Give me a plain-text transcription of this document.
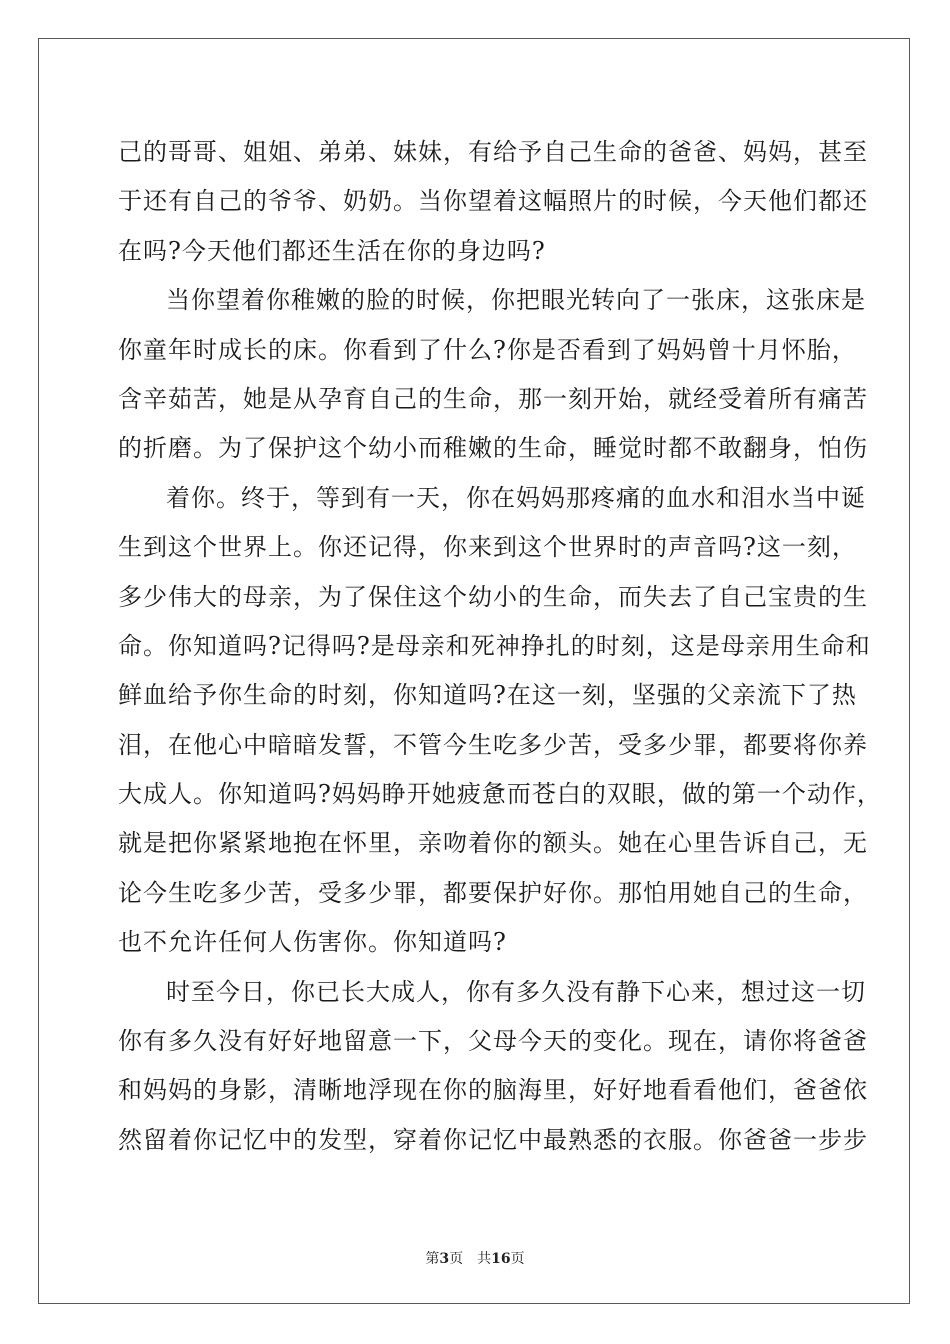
己的哥哥、姐姐、弟弟、妹妹，有给予自己生命的爸爸、妈妈，甚至
于还有自己的爷爷、奶奶。当你望着这幅照片的时候，今天他们都还
在吗?今天他们都还生活在你的身边吗?
当你望着你稚嫩的脸的时候，你把眼光转向了一张床，这张床是
你童年时成长的床。你看到了什么?你是否看到了妈妈曾十月怀胎，
含辛茹苦，她是从孕育自己的生命，那一刻开始，就经受着所有痛苦
的折磨。为了保护这个幼小而稚嫩的生命，睡觉时都不敢翻身，怕伤
着你。终于，等到有一天，你在妈妈那疼痛的血水和泪水当中诞
生到这个世界上。你还记得，你来到这个世界时的声音吗?这一刻，
多少伟大的母亲，为了保住这个幼小的生命，而失去了自己宝贵的生
命。你知道吗?记得吗?是母亲和死神挣扎的时刻，这是母亲用生命和
鲜血给予你生命的时刻，你知道吗?在这一刻，坚强的父亲流下了热
泪，在他心中暗暗发誓，不管今生吃多少苦，受多少罪，都要将你养
大成人。你知道吗?妈妈睁开她疲惫而苍白的双眼，做的第一个动作，
就是把你紧紧地抱在怀里，亲吻着你的额头。她在心里告诉自己，无
论今生吃多少苦，受多少罪，都要保护好你。那怕用她自己的生命，
也不允许任何人伤害你。你知道吗?
时至今日，你已长大成人，你有多久没有静下心来，想过这一切
你有多久没有好好地留意一下，父母今天的变化。现在，请你将爸爸
和妈妈的身影，清晰地浮现在你的脑海里，好好地看看他们，爸爸依
然留着你记忆中的发型，穿着你记忆中最熟悉的衣服。你爸爸一步步
第3页 共16页
